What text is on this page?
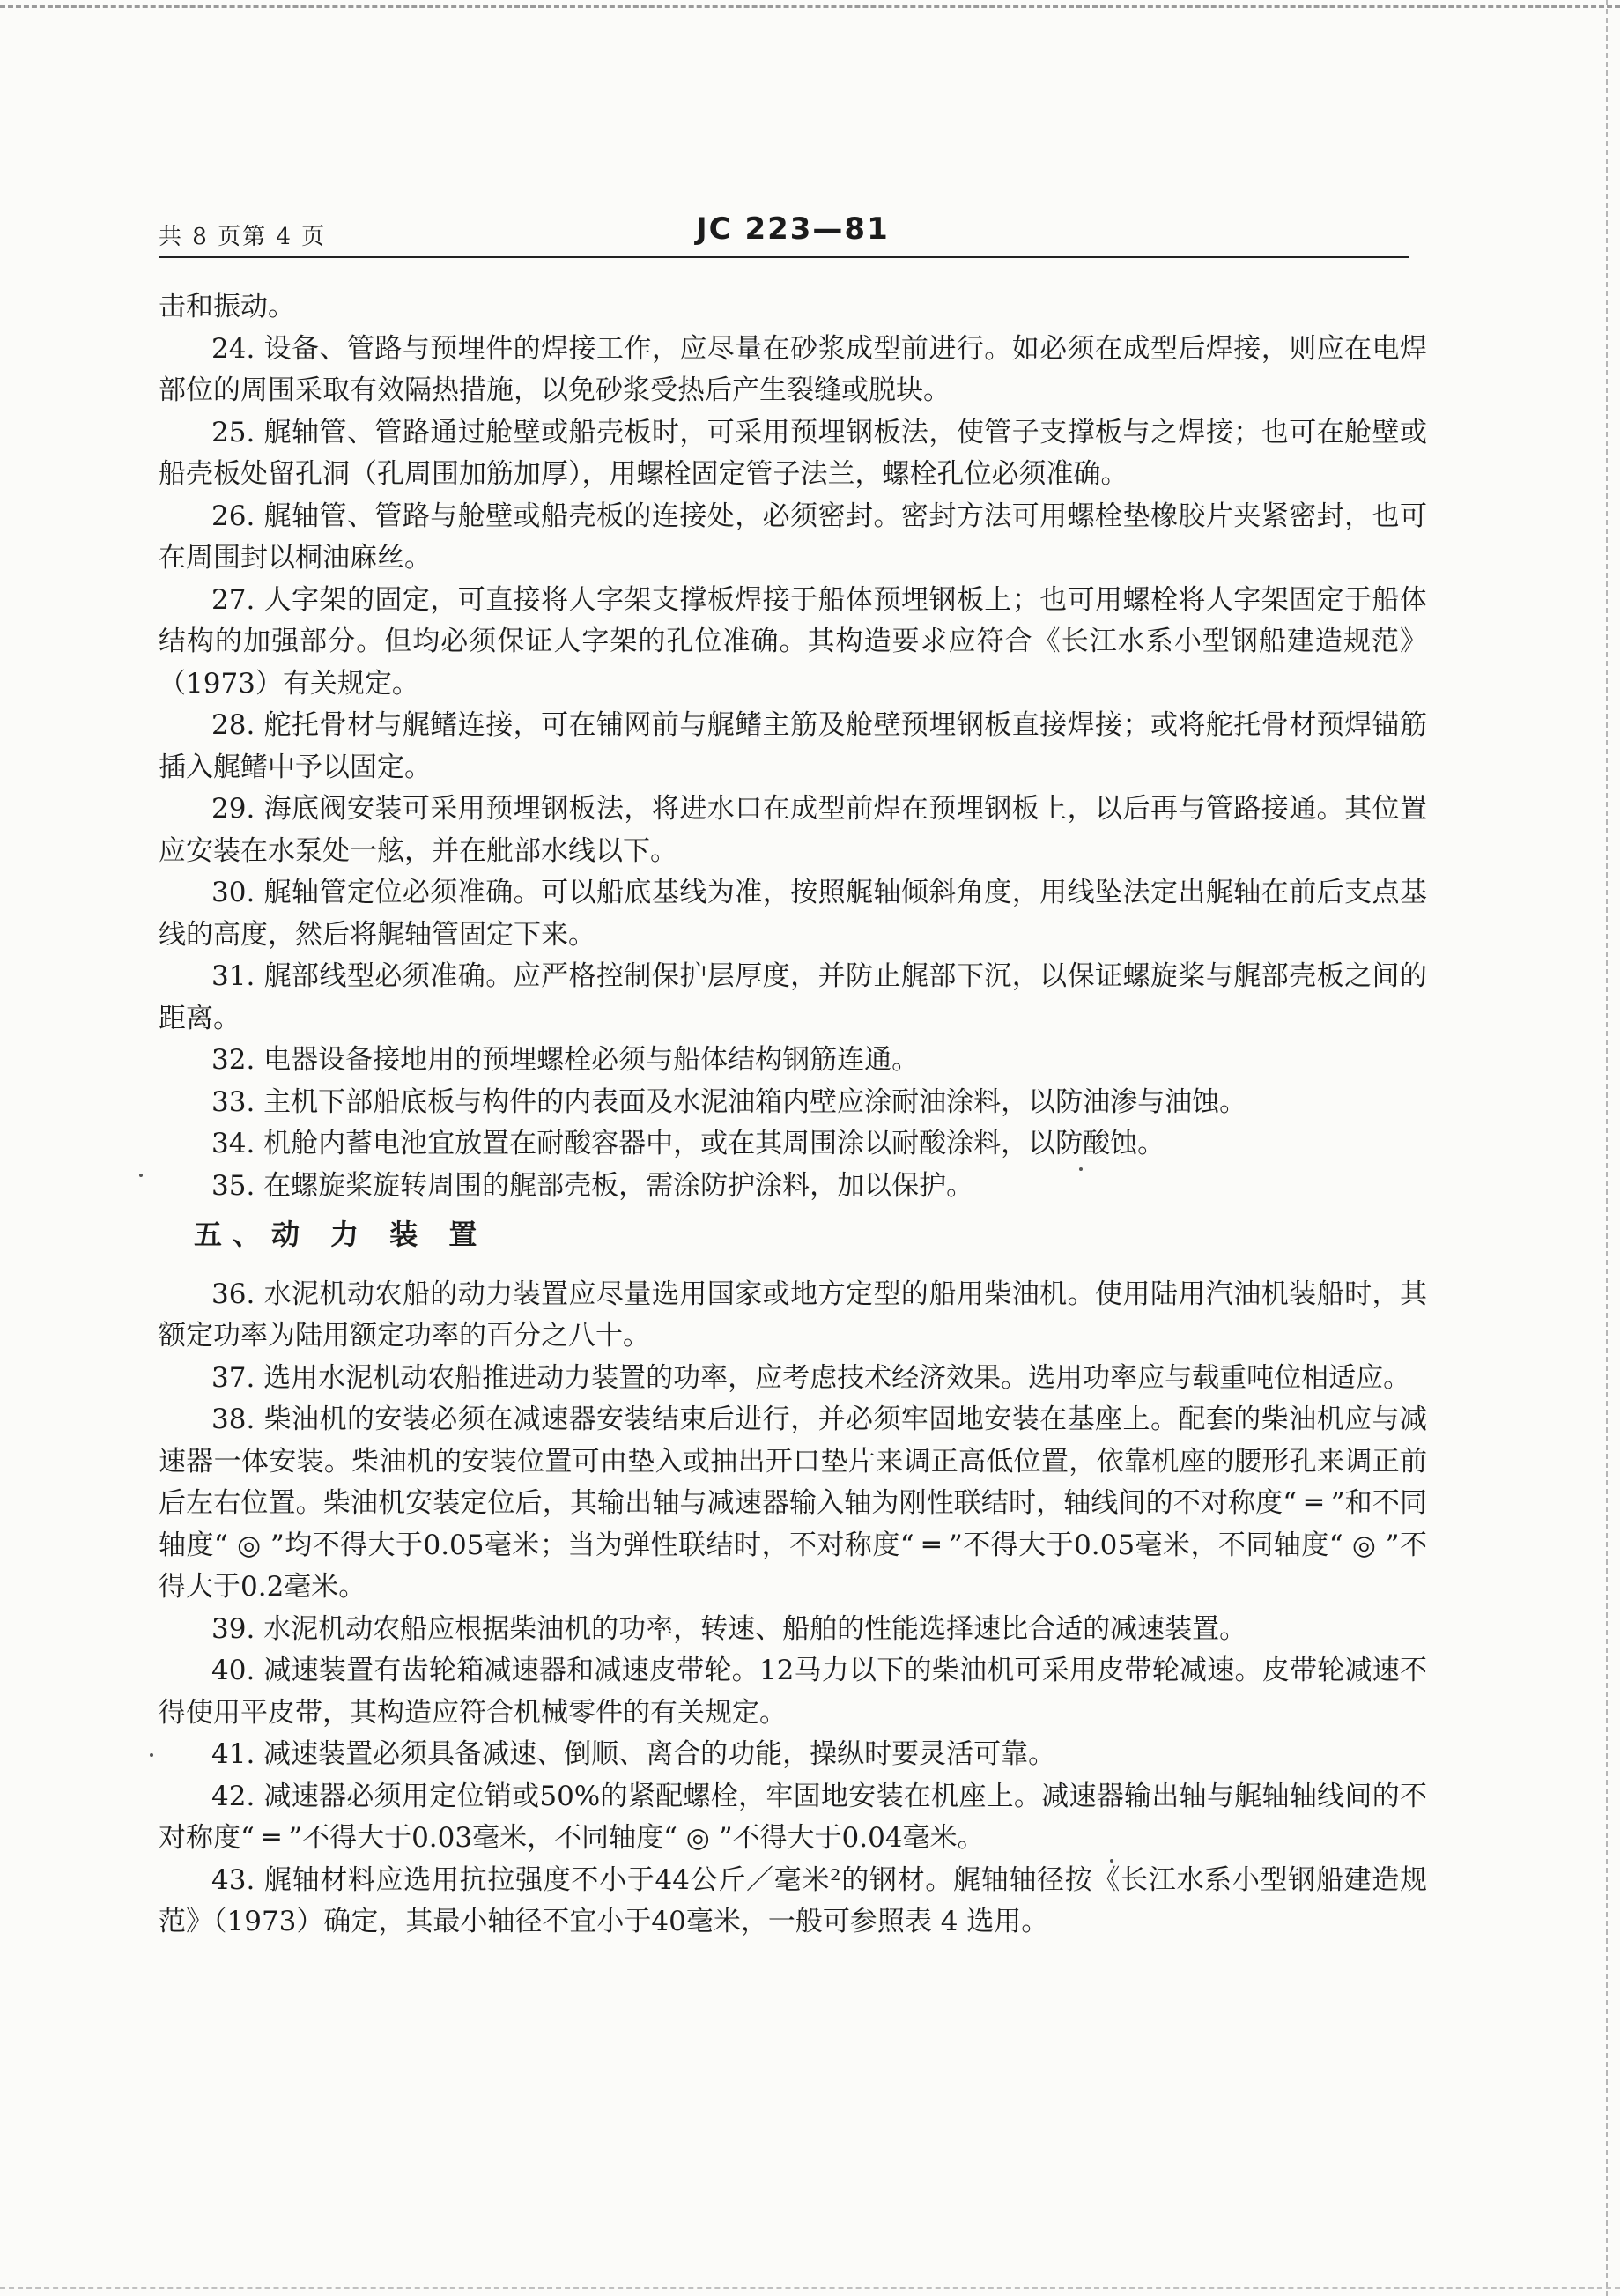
共 8 页第 4 页	JC 223—81

击和振动。

24. 设备、管路与预埋件的焊接工作，应尽量在砂浆成型前进行。如必须在成型后焊接，则应在电焊部位的周围采取有效隔热措施，以免砂浆受热后产生裂缝或脱块。

25. 艉轴管、管路通过舱壁或船壳板时，可采用预埋钢板法，使管子支撑板与之焊接；也可在舱壁或船壳板处留孔洞（孔周围加筋加厚），用螺栓固定管子法兰，螺栓孔位必须准确。

26. 艉轴管、管路与舱壁或船壳板的连接处，必须密封。密封方法可用螺栓垫橡胶片夹紧密封，也可在周围封以桐油麻丝。

27. 人字架的固定，可直接将人字架支撑板焊接于船体预埋钢板上；也可用螺栓将人字架固定于船体结构的加强部分。但均必须保证人字架的孔位准确。其构造要求应符合《长江水系小型钢船建造规范》（1973）有关规定。

28. 舵托骨材与艉鳍连接，可在铺网前与艉鳍主筋及舱壁预埋钢板直接焊接；或将舵托骨材预焊锚筋插入艉鳍中予以固定。

29. 海底阀安装可采用预埋钢板法，将进水口在成型前焊在预埋钢板上，以后再与管路接通。其位置应安装在水泵处一舷，并在舭部水线以下。

30. 艉轴管定位必须准确。可以船底基线为准，按照艉轴倾斜角度，用线坠法定出艉轴在前后支点基线的高度，然后将艉轴管固定下来。

31. 艉部线型必须准确。应严格控制保护层厚度，并防止艉部下沉，以保证螺旋桨与艉部壳板之间的距离。

32. 电器设备接地用的预埋螺栓必须与船体结构钢筋连通。

33. 主机下部船底板与构件的内表面及水泥油箱内壁应涂耐油涂料，以防油渗与油蚀。

34. 机舱内蓄电池宜放置在耐酸容器中，或在其周围涂以耐酸涂料，以防酸蚀。

35. 在螺旋桨旋转周围的艉部壳板，需涂防护涂料，加以保护。

五、动 力 装 置

36. 水泥机动农船的动力装置应尽量选用国家或地方定型的船用柴油机。使用陆用汽油机装船时，其额定功率为陆用额定功率的百分之八十。

37. 选用水泥机动农船推进动力装置的功率，应考虑技术经济效果。选用功率应与载重吨位相适应。

38. 柴油机的安装必须在减速器安装结束后进行，并必须牢固地安装在基座上。配套的柴油机应与减速器一体安装。柴油机的安装位置可由垫入或抽出开口垫片来调正高低位置，依靠机座的腰形孔来调正前后左右位置。柴油机安装定位后，其输出轴与减速器输入轴为刚性联结时，轴线间的不对称度“ ═ ”和不同轴度“ ◎ ”均不得大于0.05毫米；当为弹性联结时，不对称度“ ═ ”不得大于0.05毫米，不同轴度“ ◎ ”不得大于0.2毫米。

39. 水泥机动农船应根据柴油机的功率，转速、船舶的性能选择速比合适的减速装置。

40. 减速装置有齿轮箱减速器和减速皮带轮。12马力以下的柴油机可采用皮带轮减速。皮带轮减速不得使用平皮带，其构造应符合机械零件的有关规定。

41. 减速装置必须具备减速、倒顺、离合的功能，操纵时要灵活可靠。

42. 减速器必须用定位销或50%的紧配螺栓，牢固地安装在机座上。减速器输出轴与艉轴轴线间的不对称度“ ═ ”不得大于0.03毫米，不同轴度“ ◎ ”不得大于0.04毫米。

43. 艉轴材料应选用抗拉强度不小于44公斤／毫米²的钢材。艉轴轴径按《长江水系小型钢船建造规范》（1973）确定，其最小轴径不宜小于40毫米，一般可参照表 4 选用。
